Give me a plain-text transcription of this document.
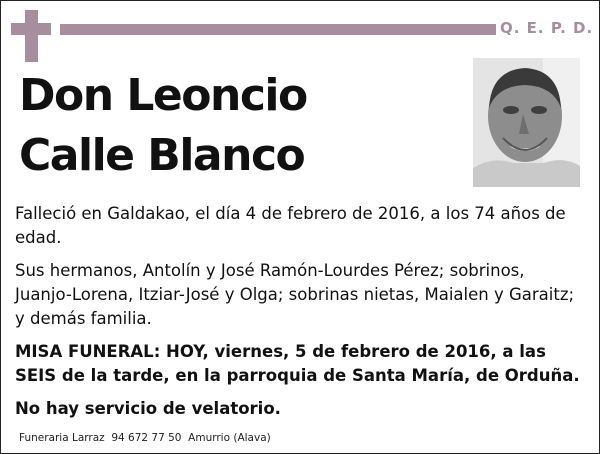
Q. E. P. D.
Don Leoncio
Calle Blanco

Falleció en Galdakao, el día 4 de febrero de 2016, a los 74 años de edad.

Sus hermanos, Antolín y José Ramón-Lourdes Pérez; sobrinos, Juanjo-Lorena, Itziar-José y Olga; sobrinas nietas, Maialen y Garaitz; y demás familia.

MISA FUNERAL: HOY, viernes, 5 de febrero de 2016, a las SEIS de la tarde, en la parroquia de Santa María, de Orduña.

No hay servicio de velatorio.

Funeraria Larraz  94 672 77 50  Amurrio (Alava)
